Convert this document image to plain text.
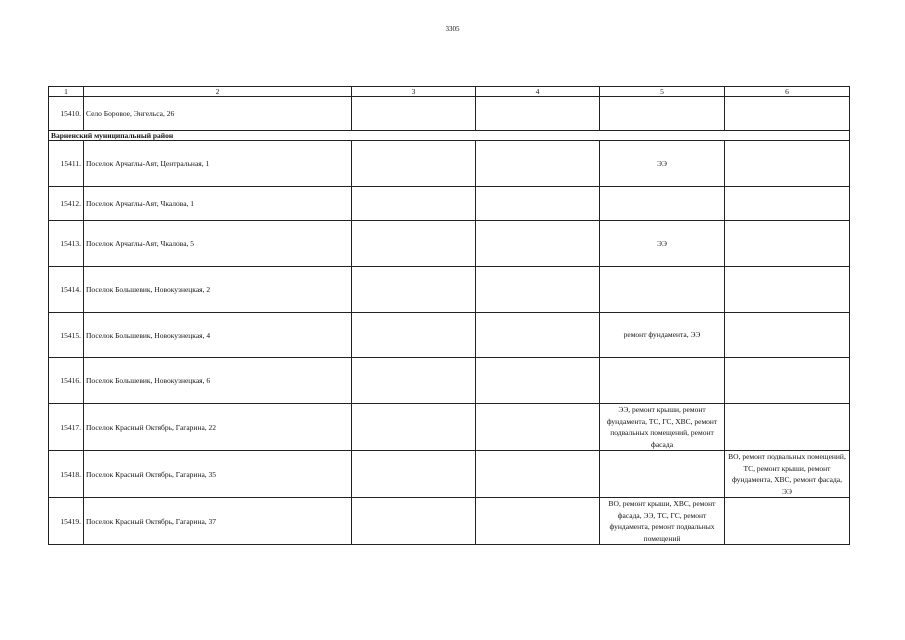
3305
1	2	3	4	5	6
15410.	Село Боровое, Энгельса, 26				
Варненский муниципальный район					
15411.	Поселок Арчаглы-Аят, Центральная, 1			ЭЭ	
15412.	Поселок Арчаглы-Аят, Чкалова, 1				
15413.	Поселок Арчаглы-Аят, Чкалова, 5			ЭЭ	
15414.	Поселок Большевик, Новокузнецкая, 2				
15415.	Поселок Большевик, Новокузнецкая, 4			ремонт фундамента, ЭЭ	
15416.	Поселок Большевик, Новокузнецкая, 6				
15417.	Поселок Красный Октябрь, Гагарина, 22			ЭЭ, ремонт крыши, ремонт фундамента, ТС, ГС, ХВС, ремонт подвальных помещений, ремонт фасада	
15418.	Поселок Красный Октябрь, Гагарина, 35				ВО, ремонт подвальных помещений, ТС, ремонт крыши, ремонт фундамента, ХВС, ремонт фасада, ЭЭ
15419.	Поселок Красный Октябрь, Гагарина, 37			ВО, ремонт крыши, ХВС, ремонт фасада, ЭЭ, ТС, ГС, ремонт фундамента, ремонт подвальных помещений	
